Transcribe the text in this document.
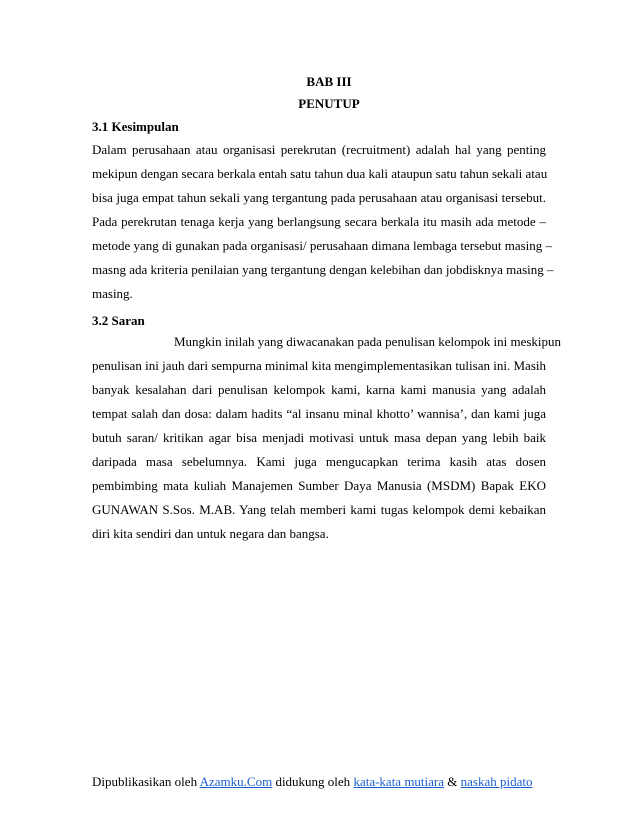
BAB III
PENUTUP
3.1 Kesimpulan
Dalam perusahaan atau organisasi perekrutan (recruitment) adalah hal yang penting
mekipun dengan secara berkala entah satu tahun dua kali ataupun satu tahun sekali atau
bisa juga empat tahun sekali yang tergantung pada perusahaan atau organisasi tersebut.
Pada perekrutan tenaga kerja yang berlangsung secara berkala itu masih ada metode –
metode yang di gunakan pada organisasi/ perusahaan dimana lembaga tersebut masing –
masng ada kriteria penilaian yang tergantung dengan kelebihan dan jobdisknya masing –
masing.
3.2 Saran
Mungkin inilah yang diwacanakan pada penulisan kelompok ini meskipun
penulisan ini jauh dari sempurna minimal kita mengimplementasikan tulisan ini. Masih
banyak kesalahan dari penulisan kelompok kami, karna kami manusia yang adalah
tempat salah dan dosa: dalam hadits “al insanu minal khotto’ wannisa’, dan kami juga
butuh saran/ kritikan agar bisa menjadi motivasi untuk masa depan yang lebih baik
daripada masa sebelumnya. Kami juga mengucapkan terima kasih atas dosen
pembimbing mata kuliah Manajemen Sumber Daya Manusia (MSDM) Bapak EKO
GUNAWAN S.Sos. M.AB. Yang telah memberi kami tugas kelompok demi kebaikan
diri kita sendiri dan untuk negara dan bangsa.
Dipublikasikan oleh Azamku.Com didukung oleh kata-kata mutiara & naskah pidato
